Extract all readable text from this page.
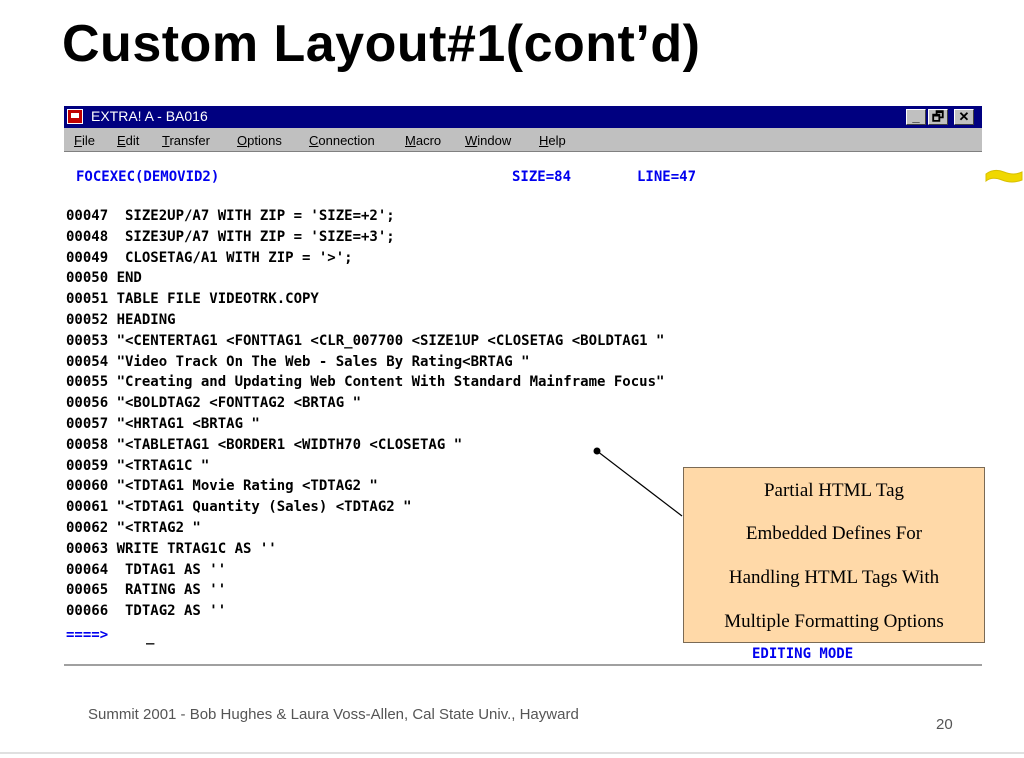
Custom Layout#1(cont’d)
EXTRA! A - BA016	_ 🗗	✕
File Edit Transfer Options Connection Macro Window Help
FOCEXEC(DEMOVID2)	SIZE=84	LINE=47
00047  SIZE2UP/A7 WITH ZIP = 'SIZE=+2';
00048  SIZE3UP/A7 WITH ZIP = 'SIZE=+3';
00049  CLOSETAG/A1 WITH ZIP = '>';
00050 END
00051 TABLE FILE VIDEOTRK.COPY
00052 HEADING
00053 "<CENTERTAG1 <FONTTAG1 <CLR_007700 <SIZE1UP <CLOSETAG <BOLDTAG1 "
00054 "Video Track On The Web - Sales By Rating<BRTAG "
00055 "Creating and Updating Web Content With Standard Mainframe Focus"
00056 "<BOLDTAG2 <FONTTAG2 <BRTAG "
00057 "<HRTAG1 <BRTAG "
00058 "<TABLETAG1 <BORDER1 <WIDTH70 <CLOSETAG "
00059 "<TRTAG1C "
00060 "<TDTAG1 Movie Rating <TDTAG2 "
00061 "<TDTAG1 Quantity (Sales) <TDTAG2 "
00062 "<TRTAG2 "
00063 WRITE TRTAG1C AS ''
00064  TDTAG1 AS ''
00065  RATING AS ''
00066  TDTAG2 AS ''
====>	_
EDITING MODE
Partial HTML Tag
Embedded Defines For
Handling HTML Tags With
Multiple Formatting Options
Summit 2001 - Bob Hughes & Laura Voss-Allen, Cal State Univ., Hayward
20
